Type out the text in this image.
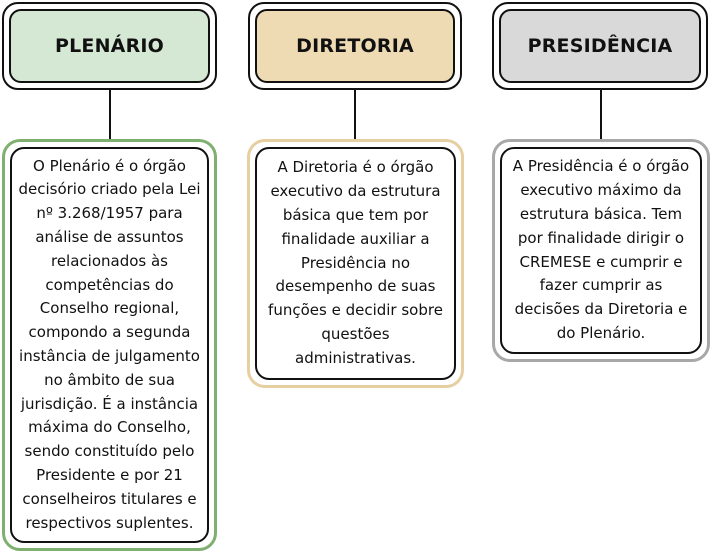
PLENÁRIO	DIRETORIA	PRESIDÊNCIA
O Plenário é o órgão decisório criado pela Lei nº 3.268/1957 para análise de assuntos relacionados às competências do Conselho regional, compondo a segunda instância de julgamento no âmbito de sua jurisdição. É a instância máxima do Conselho, sendo constituído pelo Presidente e por 21 conselheiros titulares e respectivos suplentes.
A Diretoria é o órgão executivo da estrutura básica que tem por finalidade auxiliar a Presidência no desempenho de suas funções e decidir sobre questões administrativas.
A Presidência é o órgão executivo máximo da estrutura básica. Tem por finalidade dirigir o CREMESE e cumprir e fazer cumprir as decisões da Diretoria e do Plenário.
